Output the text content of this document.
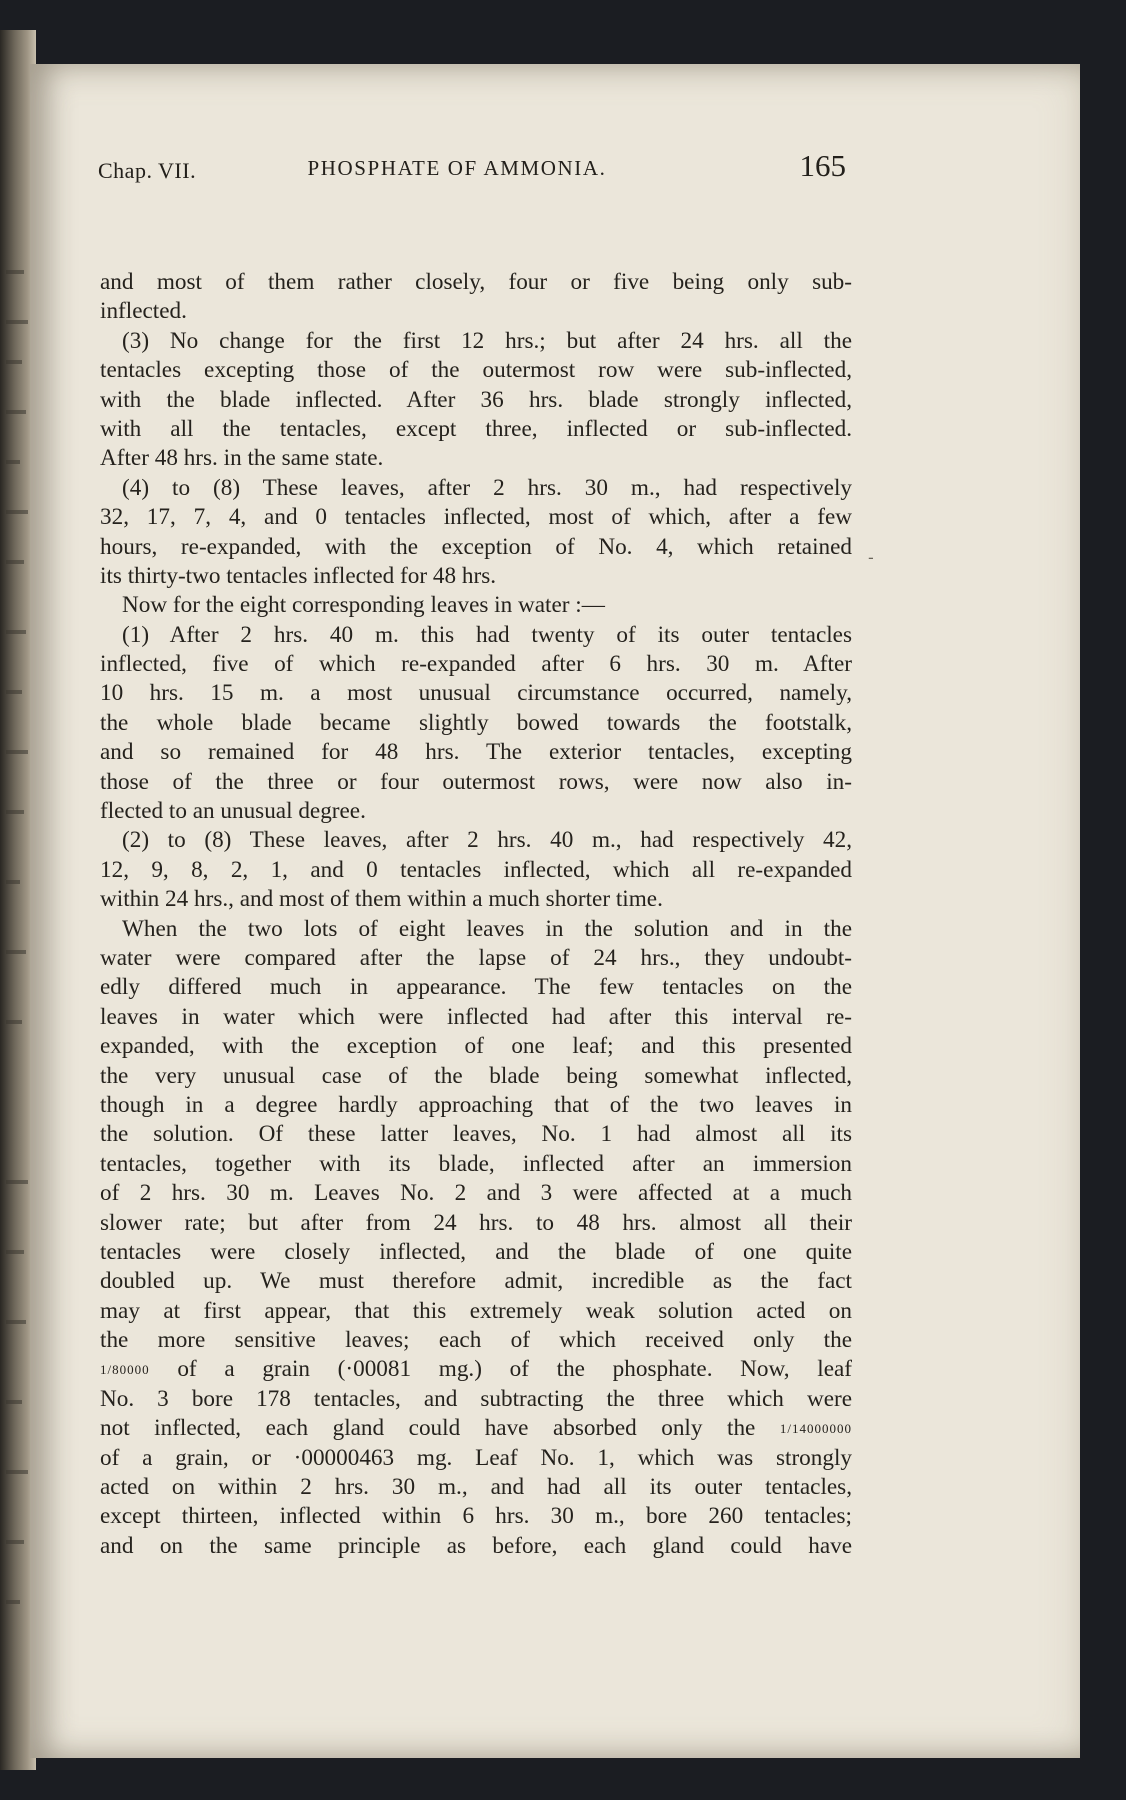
Chap. VII.	PHOSPHATE OF AMMONIA.	165
and most of them rather closely, four or five being only sub-
inflected.
(3) No change for the first 12 hrs.; but after 24 hrs. all the
tentacles excepting those of the outermost row were sub-inflected,
with the blade inflected. After 36 hrs. blade strongly inflected,
with all the tentacles, except three, inflected or sub-inflected.
After 48 hrs. in the same state.
(4) to (8) These leaves, after 2 hrs. 30 m., had respectively
32, 17, 7, 4, and 0 tentacles inflected, most of which, after a few
hours, re-expanded, with the exception of No. 4, which retained
its thirty-two tentacles inflected for 48 hrs.
Now for the eight corresponding leaves in water :—
(1) After 2 hrs. 40 m. this had twenty of its outer tentacles
inflected, five of which re-expanded after 6 hrs. 30 m. After
10 hrs. 15 m. a most unusual circumstance occurred, namely,
the whole blade became slightly bowed towards the footstalk,
and so remained for 48 hrs. The exterior tentacles, excepting
those of the three or four outermost rows, were now also in-
flected to an unusual degree.
(2) to (8) These leaves, after 2 hrs. 40 m., had respectively 42,
12, 9, 8, 2, 1, and 0 tentacles inflected, which all re-expanded
within 24 hrs., and most of them within a much shorter time.
When the two lots of eight leaves in the solution and in the
water were compared after the lapse of 24 hrs., they undoubt-
edly differed much in appearance. The few tentacles on the
leaves in water which were inflected had after this interval re-
expanded, with the exception of one leaf; and this presented
the very unusual case of the blade being somewhat inflected,
though in a degree hardly approaching that of the two leaves in
the solution. Of these latter leaves, No. 1 had almost all its
tentacles, together with its blade, inflected after an immersion
of 2 hrs. 30 m. Leaves No. 2 and 3 were affected at a much
slower rate; but after from 24 hrs. to 48 hrs. almost all their
tentacles were closely inflected, and the blade of one quite
doubled up. We must therefore admit, incredible as the fact
may at first appear, that this extremely weak solution acted on
the more sensitive leaves; each of which received only the
1/80000 of a grain (·00081 mg.) of the phosphate. Now, leaf
No. 3 bore 178 tentacles, and subtracting the three which were
not inflected, each gland could have absorbed only the 1/14000000
of a grain, or ·00000463 mg. Leaf No. 1, which was strongly
acted on within 2 hrs. 30 m., and had all its outer tentacles,
except thirteen, inflected within 6 hrs. 30 m., bore 260 tentacles;
and on the same principle as before, each gland could have
